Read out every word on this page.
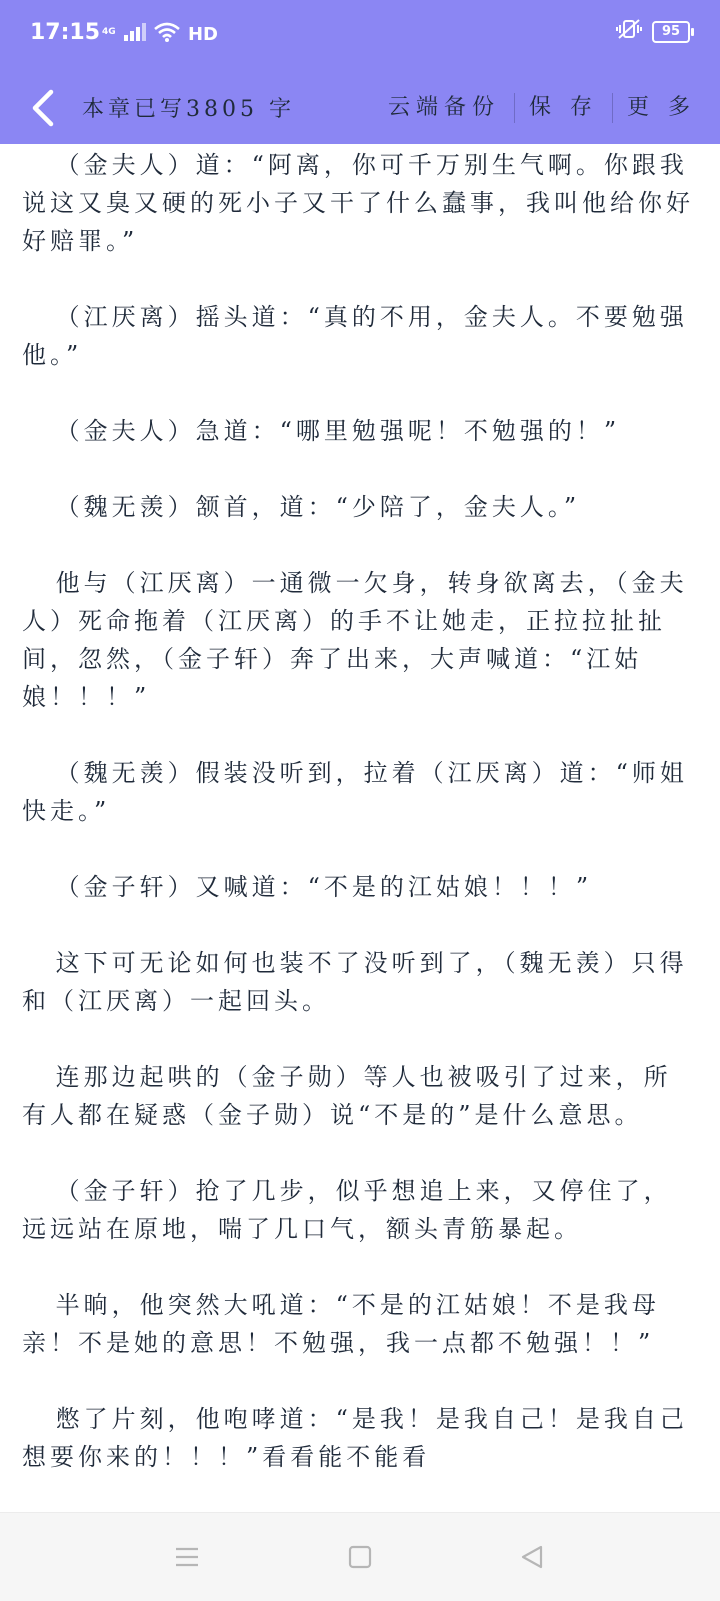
17:15 $^{4G}$	HD	95
本章已写3805 字	云端备份	保 存	更 多

（金夫人）道：“阿离，你可千万别生气啊。你跟我说这又臭又硬的死小子又干了什么蠢事，我叫他给你好好赔罪。”

（江厌离）摇头道：“真的不用，金夫人。不要勉强他。”

（金夫人）急道：“哪里勉强呢！不勉强的！”

（魏无羡）颔首，道：“少陪了，金夫人。”

他与（江厌离）一通微一欠身，转身欲离去，（金夫人）死命拖着（江厌离）的手不让她走，正拉拉扯扯间，忽然，（金子轩）奔了出来，大声喊道：“江姑娘！！！”

（魏无羡）假装没听到，拉着（江厌离）道：“师姐快走。”

（金子轩）又喊道：“不是的江姑娘！！！”

这下可无论如何也装不了没听到了，（魏无羡）只得和（江厌离）一起回头。

连那边起哄的（金子勋）等人也被吸引了过来，所有人都在疑惑（金子勋）说“不是的”是什么意思。

（金子轩）抢了几步，似乎想追上来，又停住了，远远站在原地，喘了几口气，额头青筋暴起。

半晌，他突然大吼道：“不是的江姑娘！不是我母亲！不是她的意思！不勉强，我一点都不勉强！！”

憋了片刻，他咆哮道：“是我！是我自己！是我自己想要你来的！！！”看看能不能看
